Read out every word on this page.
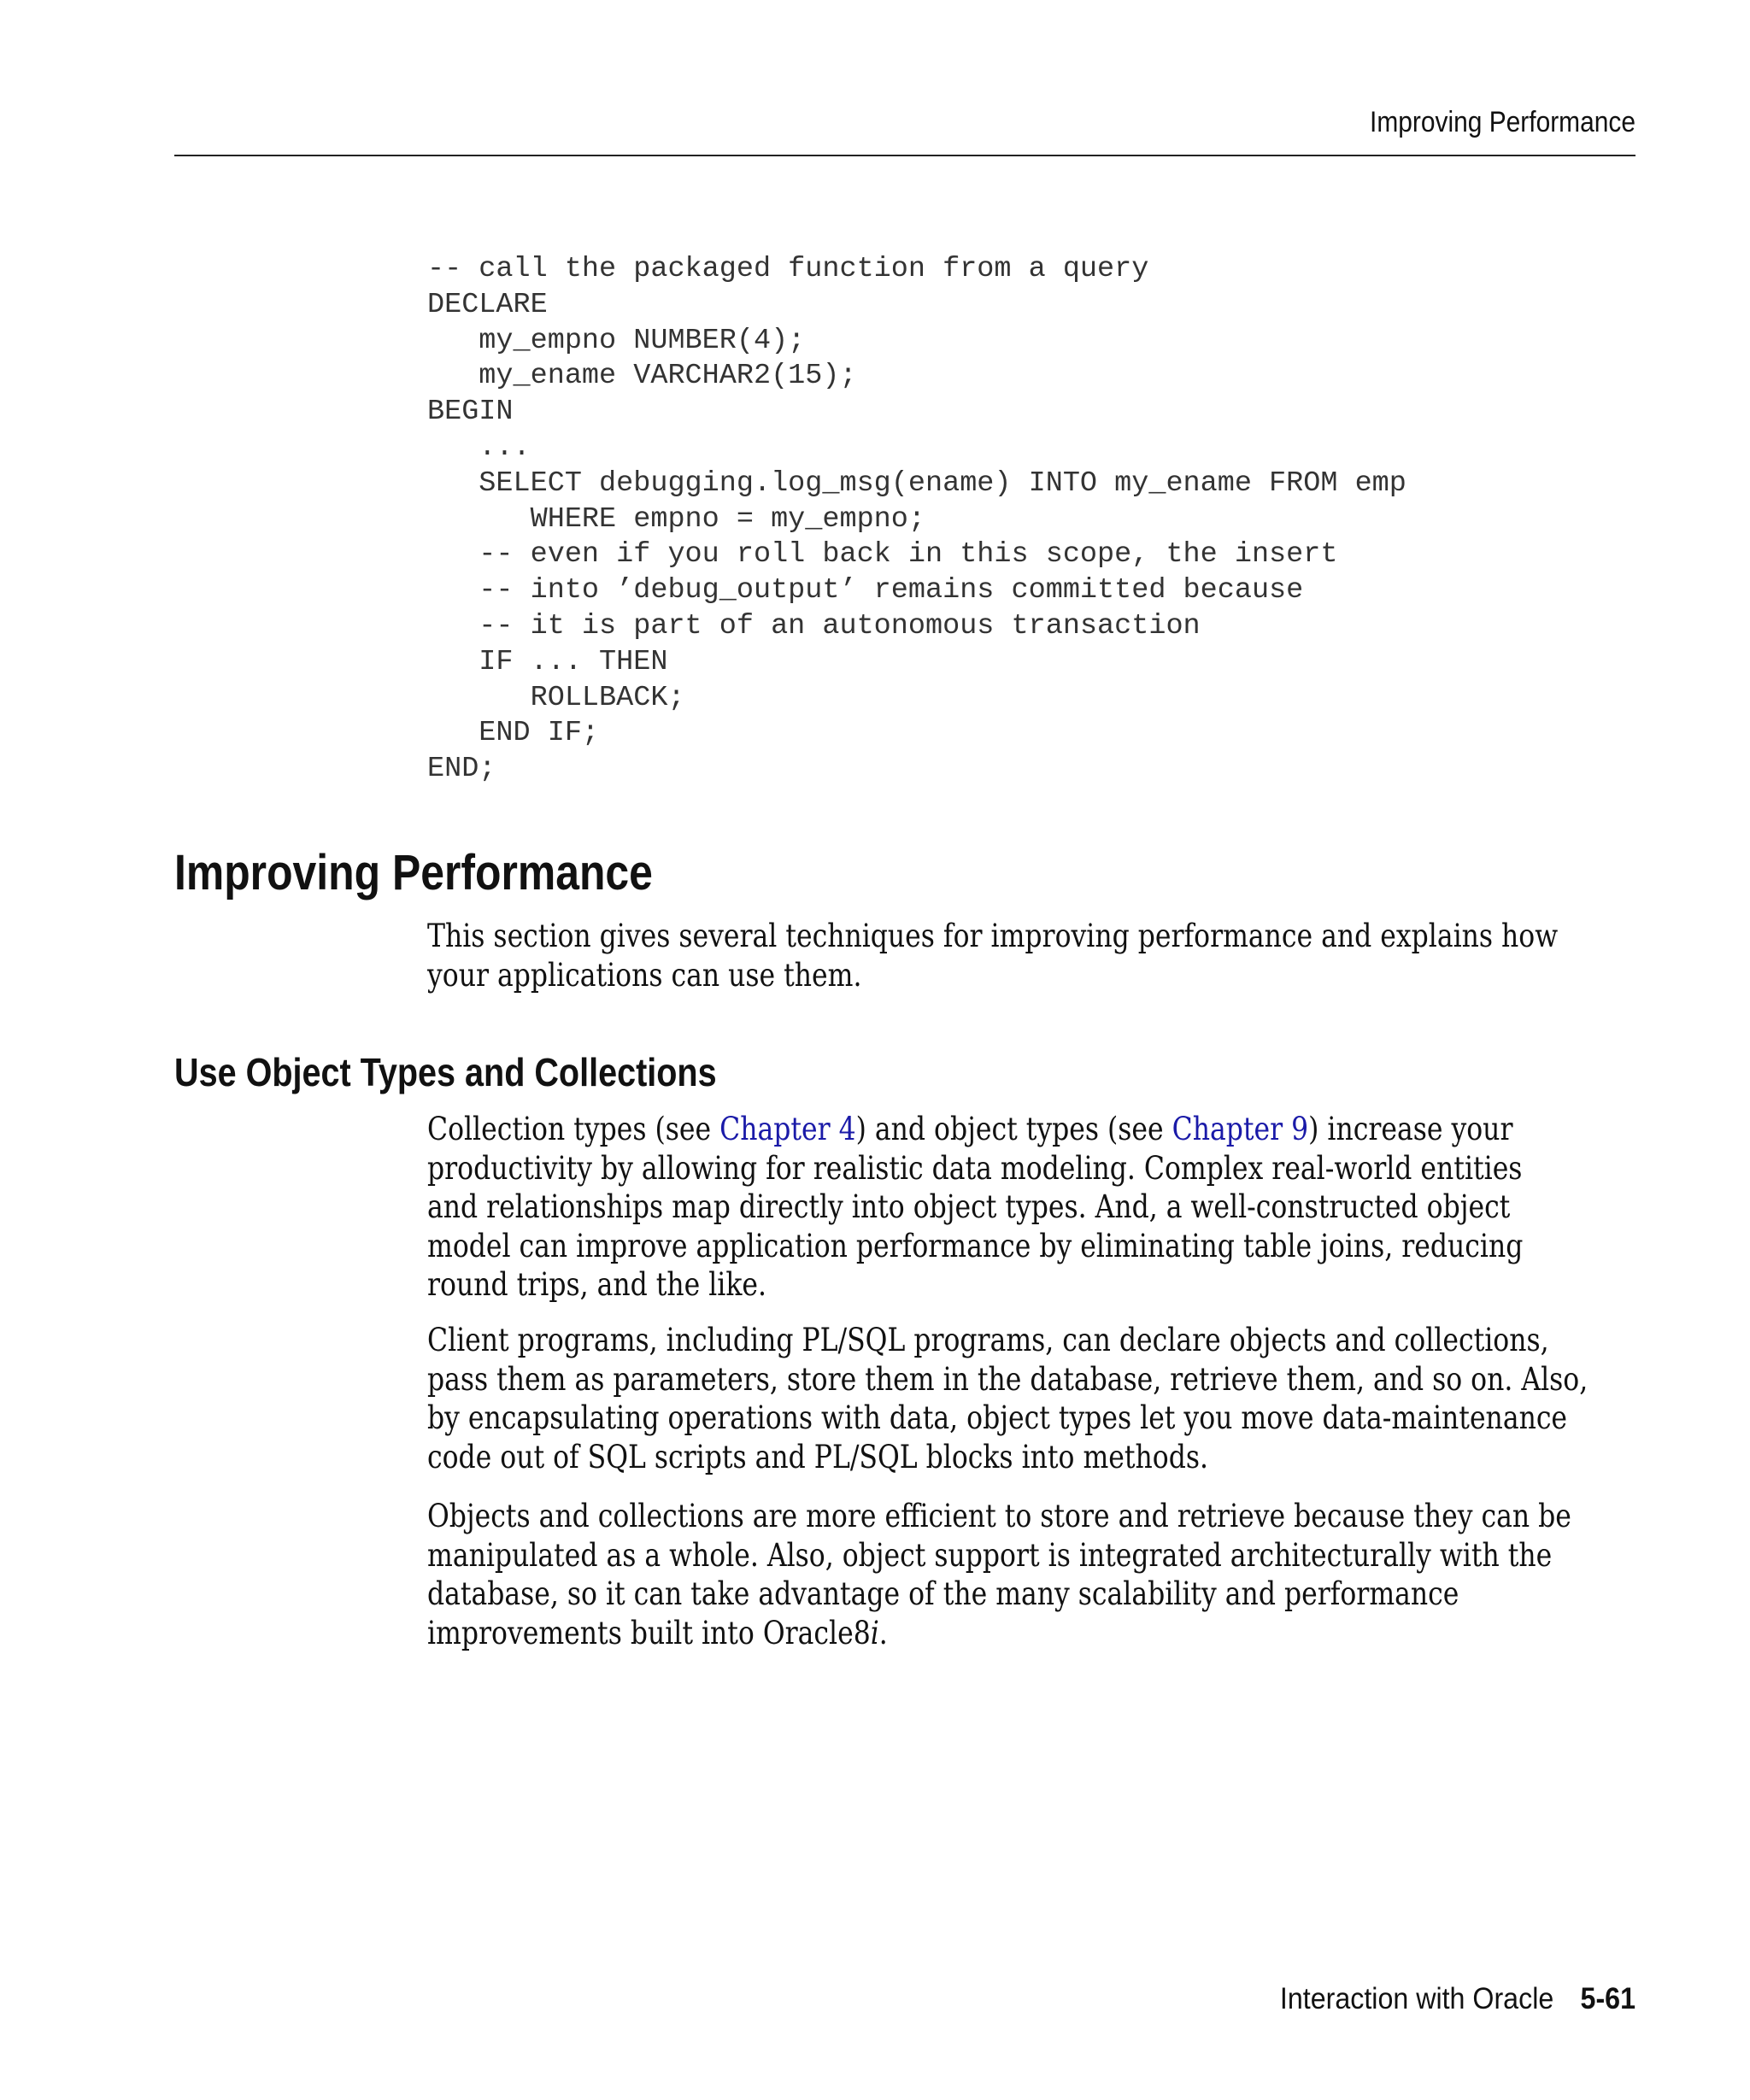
Improving Performance
-- call the packaged function from a query
DECLARE
my_empno NUMBER(4);
my_ename VARCHAR2(15);
BEGIN
...
SELECT debugging.log_msg(ename) INTO my_ename FROM emp
WHERE empno = my_empno;
-- even if you roll back in this scope, the insert
-- into ’debug_output’ remains committed because
-- it is part of an autonomous transaction
IF ... THEN
ROLLBACK;
END IF;
END;
Improving Performance
This section gives several techniques for improving performance and explains how
your applications can use them.
Use Object Types and Collections
Collection types (see Chapter 4) and object types (see Chapter 9) increase your
productivity by allowing for realistic data modeling. Complex real-world entities
and relationships map directly into object types. And, a well-constructed object
model can improve application performance by eliminating table joins, reducing
round trips, and the like.
Client programs, including PL/SQL programs, can declare objects and collections,
pass them as parameters, store them in the database, retrieve them, and so on. Also,
by encapsulating operations with data, object types let you move data-maintenance
code out of SQL scripts and PL/SQL blocks into methods.
Objects and collections are more efficient to store and retrieve because they can be
manipulated as a whole. Also, object support is integrated architecturally with the
database, so it can take advantage of the many scalability and performance
improvements built into Oracle8i.
Interaction with Oracle 5-61
